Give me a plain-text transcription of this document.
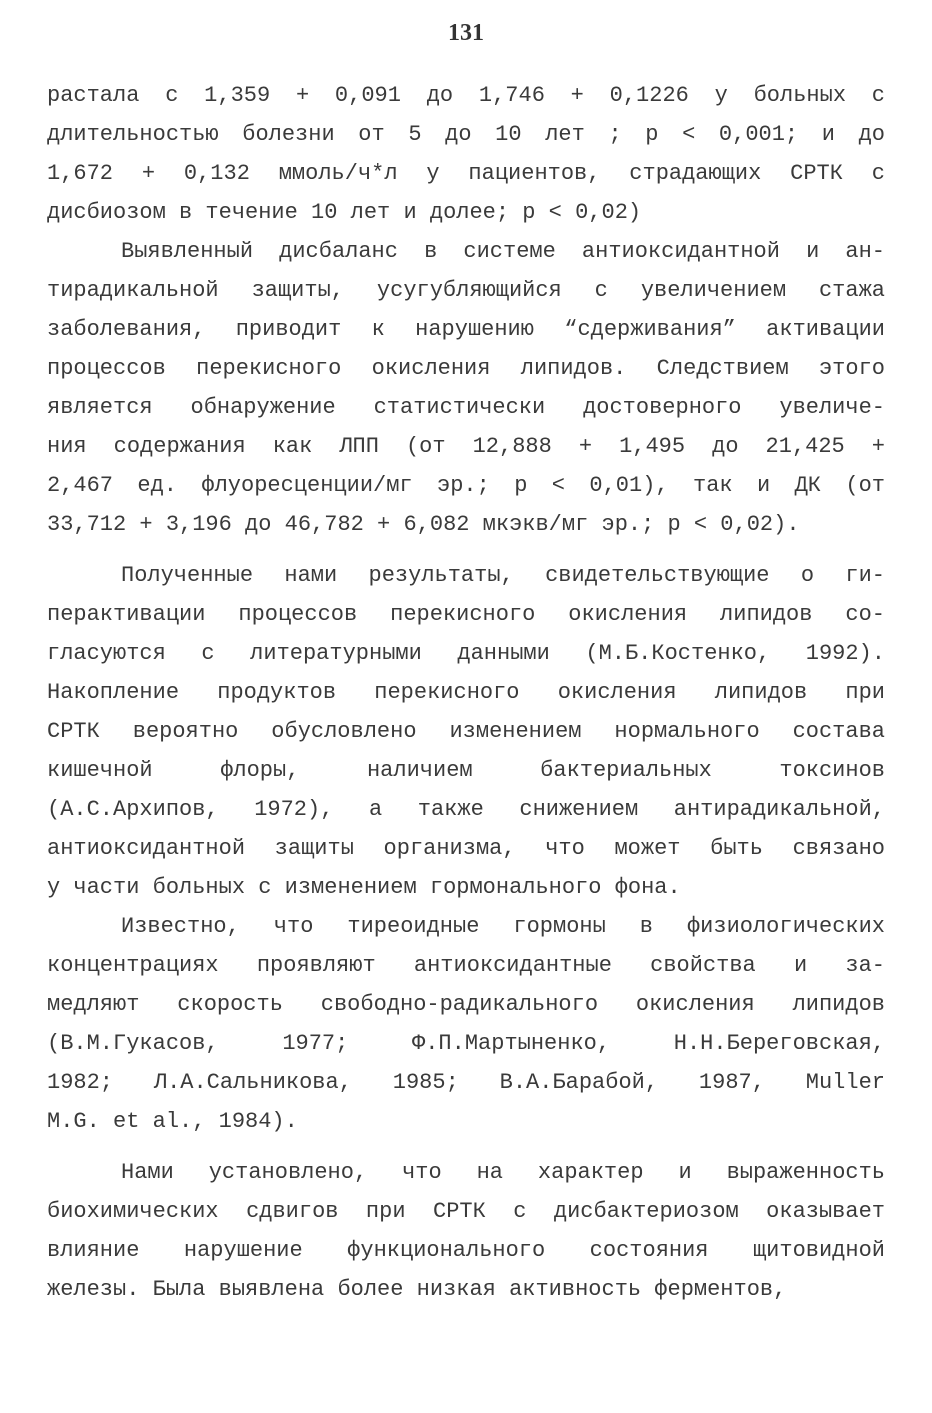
131
растала с 1,359 + 0,091 до 1,746 + 0,1226 у больных с
длительностью болезни от 5 до 10 лет ; p < 0,001; и до
1,672 + 0,132 ммоль/ч*л у пациентов, страдающих СРТК с
дисбиозом в течение 10 лет и долее; p < 0,02)
Выявленный дисбаланс в системе антиоксидантной и ан-
тирадикальной защиты, усугубляющийся с увеличением стажа
заболевания, приводит к нарушению “сдерживания” активации
процессов перекисного окисления липидов. Следствием этого
является обнаружение статистически достоверного увеличе-
ния содержания как ЛПП (от 12,888 + 1,495 до 21,425 +
2,467 ед. флуоресценции/мг эр.; p < 0,01), так и ДК (от
33,712 + 3,196 до 46,782 + 6,082 мкэкв/мг эр.; p < 0,02).
Полученные нами результаты, свидетельствующие о ги-
перактивации процессов перекисного окисления липидов со-
гласуются с литературными данными (М.Б.Костенко, 1992).
Накопление продуктов перекисного окисления липидов при
СРТК вероятно обусловлено изменением нормального состава
кишечной флоры, наличием бактериальных токсинов
(А.С.Архипов, 1972), а также снижением антирадикальной,
антиоксидантной защиты организма, что может быть связано
у части больных с изменением гормонального фона.
Известно, что тиреоидные гормоны в физиологических
концентрациях проявляют антиоксидантные свойства и за-
медляют скорость свободно-радикального окисления липидов
(В.М.Гукасов, 1977; Ф.П.Мартыненко, Н.Н.Береговская,
1982; Л.А.Сальникова, 1985; В.А.Барабой, 1987, Muller
M.G. et al., 1984).
Нами установлено, что на характер и выраженность
биохимических сдвигов при СРТК с дисбактериозом оказывает
влияние нарушение функционального состояния щитовидной
железы. Была выявлена более низкая активность ферментов,
